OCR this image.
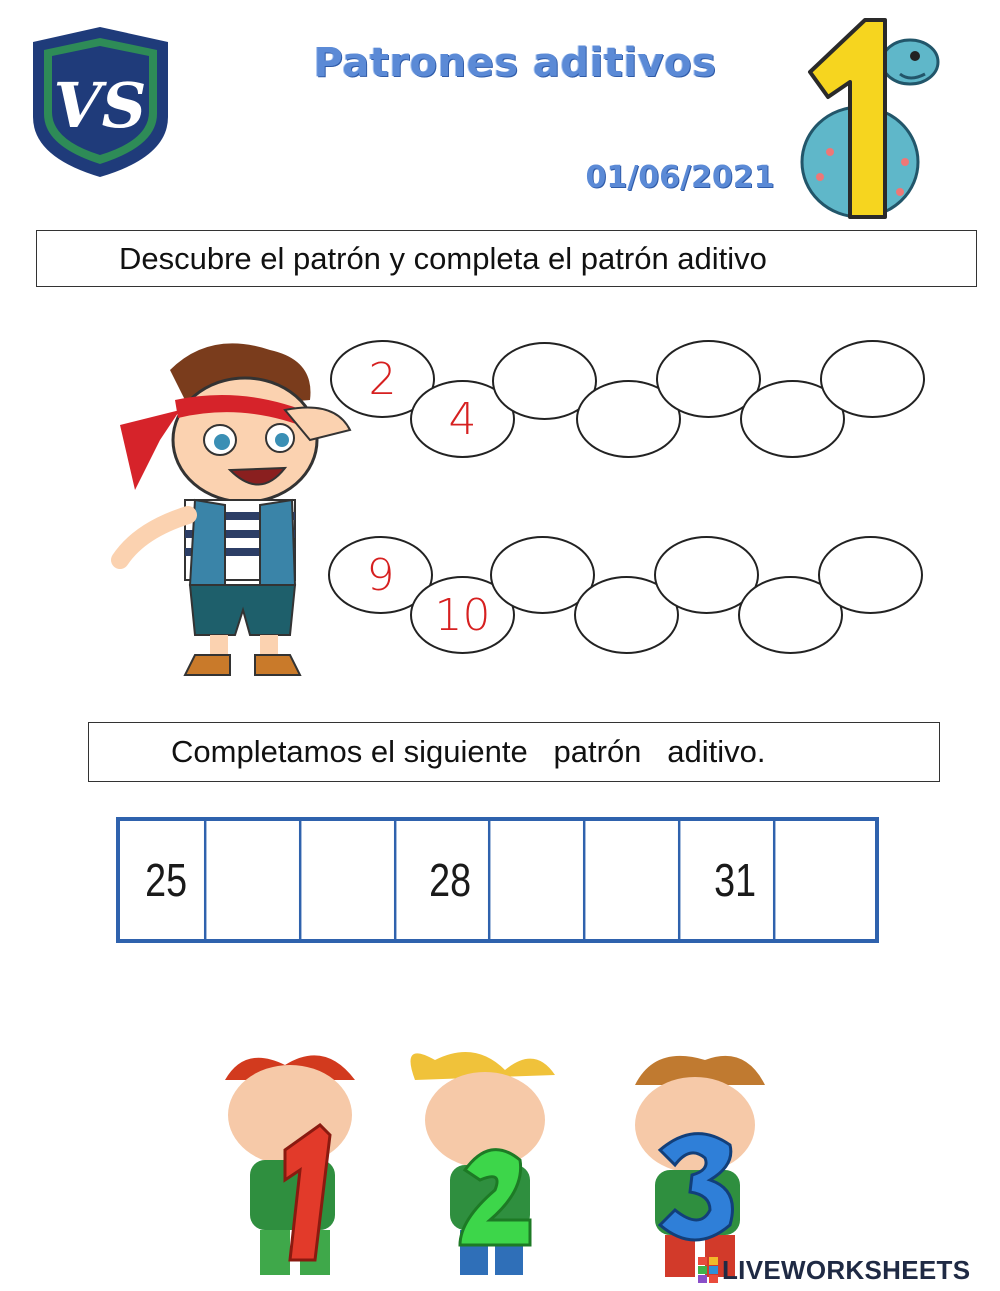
VS
Patrones aditivos
01/06/2021
Descubre el patrón y completa el patrón aditivo
2
4
9
10
Completamos el siguiente   patrón   aditivo.
25	28	31
LIVEWORKSHEETS
